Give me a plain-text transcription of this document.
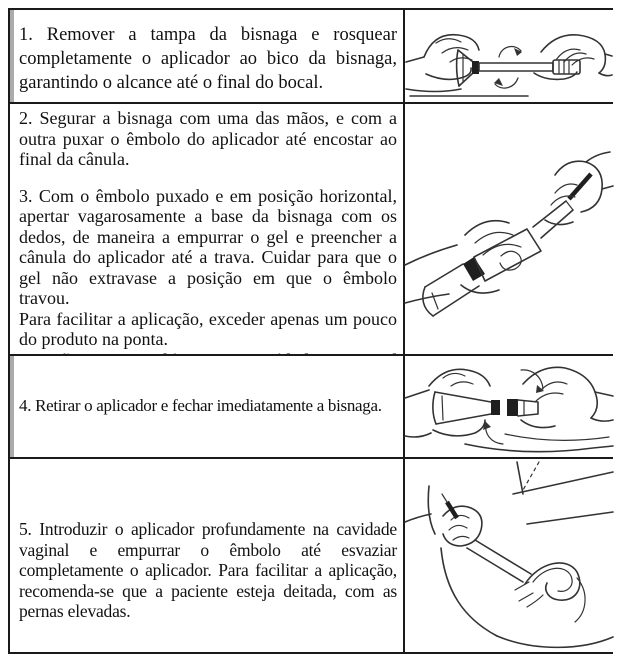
1. Remover a tampa da bisnaga e rosquear completamente o aplicador ao bico da bisnaga, garantindo o alcance até o final do bocal.

2. Segurar a bisnaga com uma das mãos, e com a outra puxar o êmbolo do aplicador até encostar ao final da cânula.

3. Com o êmbolo puxado e em posição horizontal, apertar vagarosamente a base da bisnaga com os dedos, de maneira a empurrar o gel e preencher a cânula do aplicador até a trava. Cuidar para que o gel não extravase a posição em que o êmbolo travou.

Para facilitar a aplicação, exceder apenas um pouco do produto na ponta.

4. Retirar o aplicador e fechar imediatamente a bisnaga.

5. Introduzir o aplicador profundamente na cavidade vaginal e empurrar o êmbolo até esvaziar completamente o aplicador. Para facilitar a aplicação, recomenda-se que a paciente esteja deitada, com as pernas elevadas.
